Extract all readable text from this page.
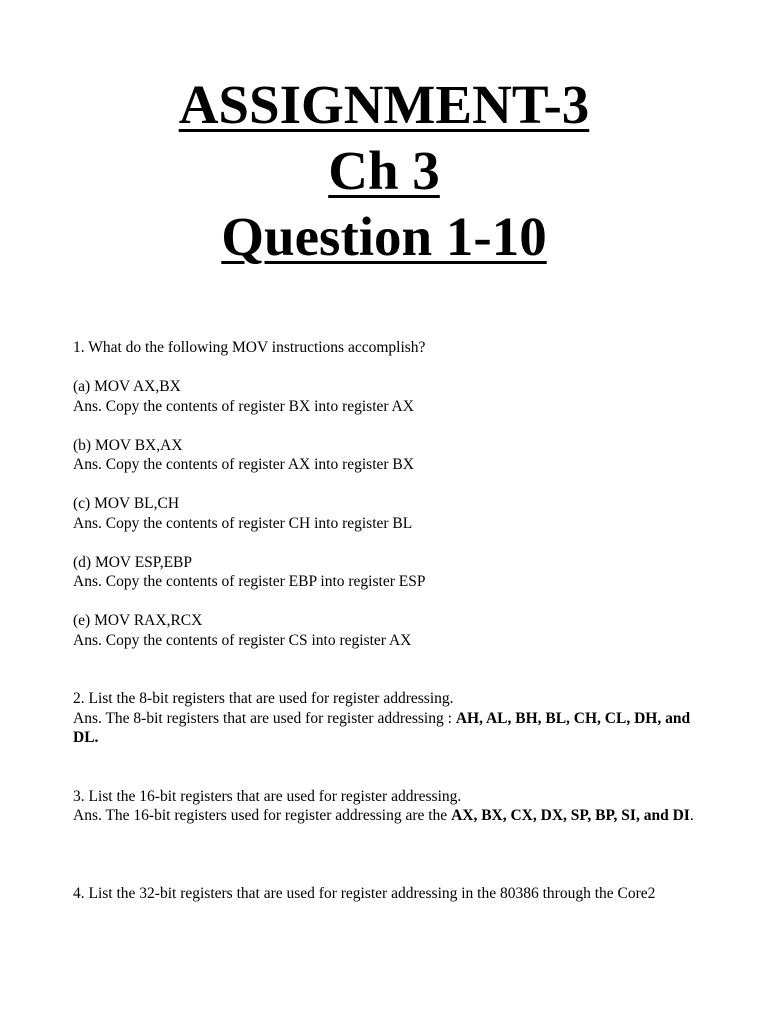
ASSIGNMENT-3
Ch 3
Question 1-10

1. What do the following MOV instructions accomplish?

(a) MOV AX,BX

Ans. Copy the contents of register BX into register AX

(b) MOV BX,AX

Ans. Copy the contents of register AX into register BX

(c) MOV BL,CH

Ans. Copy the contents of register CH into register BL

(d) MOV ESP,EBP

Ans. Copy the contents of register EBP into register ESP

(e) MOV RAX,RCX

Ans. Copy the contents of register CS into register AX

2. List the 8-bit registers that are used for register addressing.

Ans. The 8-bit registers that are used for register addressing : AH, AL, BH, BL, CH, CL, DH, and DL.

3. List the 16-bit registers that are used for register addressing.

Ans. The 16-bit registers used for register addressing are the AX, BX, CX, DX, SP, BP, SI, and DI.

4. List the 32-bit registers that are used for register addressing in the 80386 through the Core2
